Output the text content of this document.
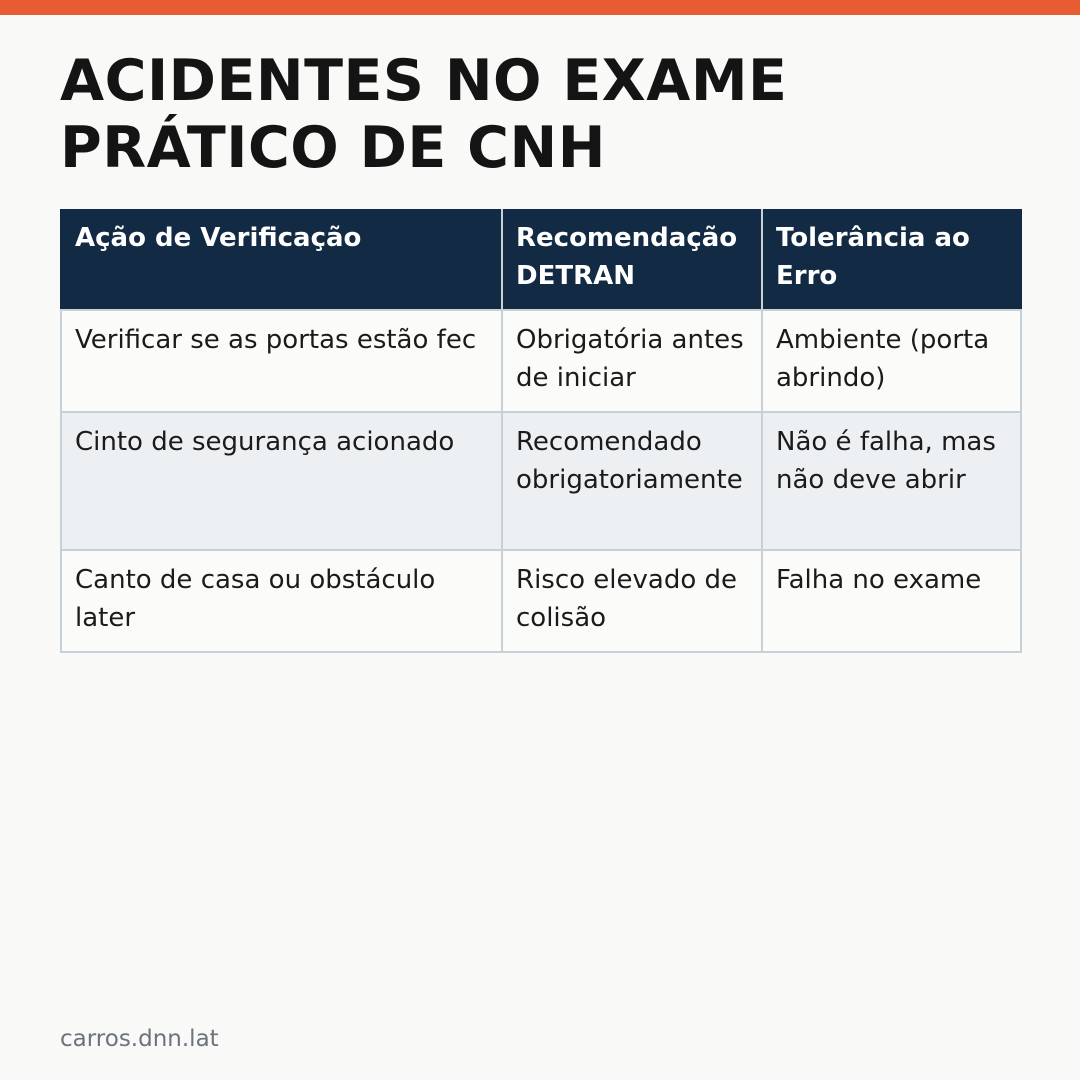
ACIDENTES NO EXAME PRÁTICO DE CNH
Ação de Verificação	Recomendação DETRAN	Tolerância ao Erro
Verificar se as portas estão fec	Obrigatória antes de iniciar	Ambiente (porta abrindo)
Cinto de segurança acionado	Recomendado obrigatoriamente	Não é falha, mas não deve abrir
Canto de casa ou obstáculo later	Risco elevado de colisão	Falha no exame
carros.dnn.lat
